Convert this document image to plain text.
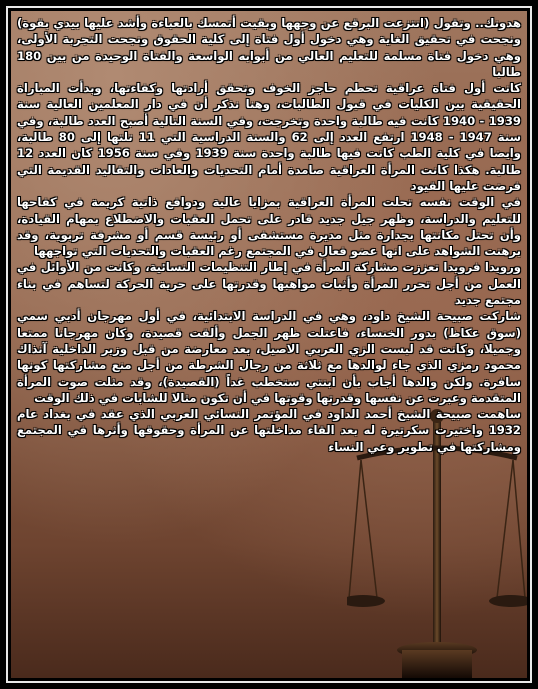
هدونك.. وتقول (انتزعت البرقع عن وجهها وبقيت أتمسك بالعباءة وأشد عليها بيدي بقوة) ونجحت في تحقيق الغاية وهي دخول أول فتاة إلى كلية الحقوق ونجحت التجربة الأولى، وهي دخول فتاة مسلمة للتعليم العالي من أبوابه الواسعة والفتاة الوحيدة من بين 180 طالبا

كانت أول فتاة عراقية تحطم حاجز الخوف وتحقق أرادتها وكفاءتها، وبدأت المباراة الحقيقية بين الكليات في قبول الطالبات، وهنا نذكر أن في دار المعلمين العالية سنة 1939 - 1940 كانت فيه طالبة واحدة وتخرجت، وفي السنة التالية أصبح العدد طالبة، وفي سنة 1947 - 1948 ارتفع العدد إلى 62 والسنة الدراسية التي 11 تلتها إلى 80 طالبة، وايضا في كلية الطب كانت فيها طالبة واحدة سنة 1939 وفي سنة 1956 كان العدد 12 طالبة. هكذا كانت المرأة العراقية صامدة أمام التحديات والعادات والتقاليد القديمة التي فرضت عليها القيود

في الوقت نفسه تحلت المرأة العراقية بمزايا عالية ودوافع ذاتية كريمة في كفاحها للتعليم والدراسة، وظهر جيل جديد قادر على تحمل العقبات والاضطلاع بمهام القيادة، وأن تحتل مكانتها بجدارة مثل مديرة مستشفى أو رئيسة قسم أو مشرفة تربوية، وقد برهنت الشواهد على انها عضو فعال في المجتمع رغم العقبات والتحديات التي تواجهها

ورويدا فرويدا تعززت مشاركة المرأة في إطار التنظيمات النسائية، وكانت من الأوائل في العمل من أجل تحرر المرأة وأثبات مواهبها وقدرتها على حرية الحركة لتساهم في بناء مجتمع جديد

شاركت صبيحة الشيخ داود، وهي في الدراسة الابتدائية، في أول مهرجان أدبي سمي (سوق عكاظ) بدور الخنساء، فاعتلت ظهر الجمل وألقت قصيدة، وكان مهرجانا ممتعا وجميلا، وكانت قد لبست الزي العربي الاصيل، بعد معارضة من قبل وزير الداخلية آنذاك محمود رمزي الذي جاء لوالدها مع ثلاثة من رجال الشرطة من أجل منع مشاركتها كونها سافرة. ولكن والدها أجاب بأن ابنتي ستخطب غداً (القصيدة)، وقد مثلت صوت المرأة المتقدمة وعبرت عن نفسها وقدرتها وقوتها في أن تكون مثالا للشابات في ذلك الوقت

ساهمت صبيحة الشيخ أحمد الداود في المؤتمر النسائي العربي الذي عقد في بغداد عام 1932 واختيرت سكرتيرة له بعد القاء مداخلتها عن المرأة وحقوقها وأثرها في المجتمع ومشاركتها في تطوير وعي النساء
